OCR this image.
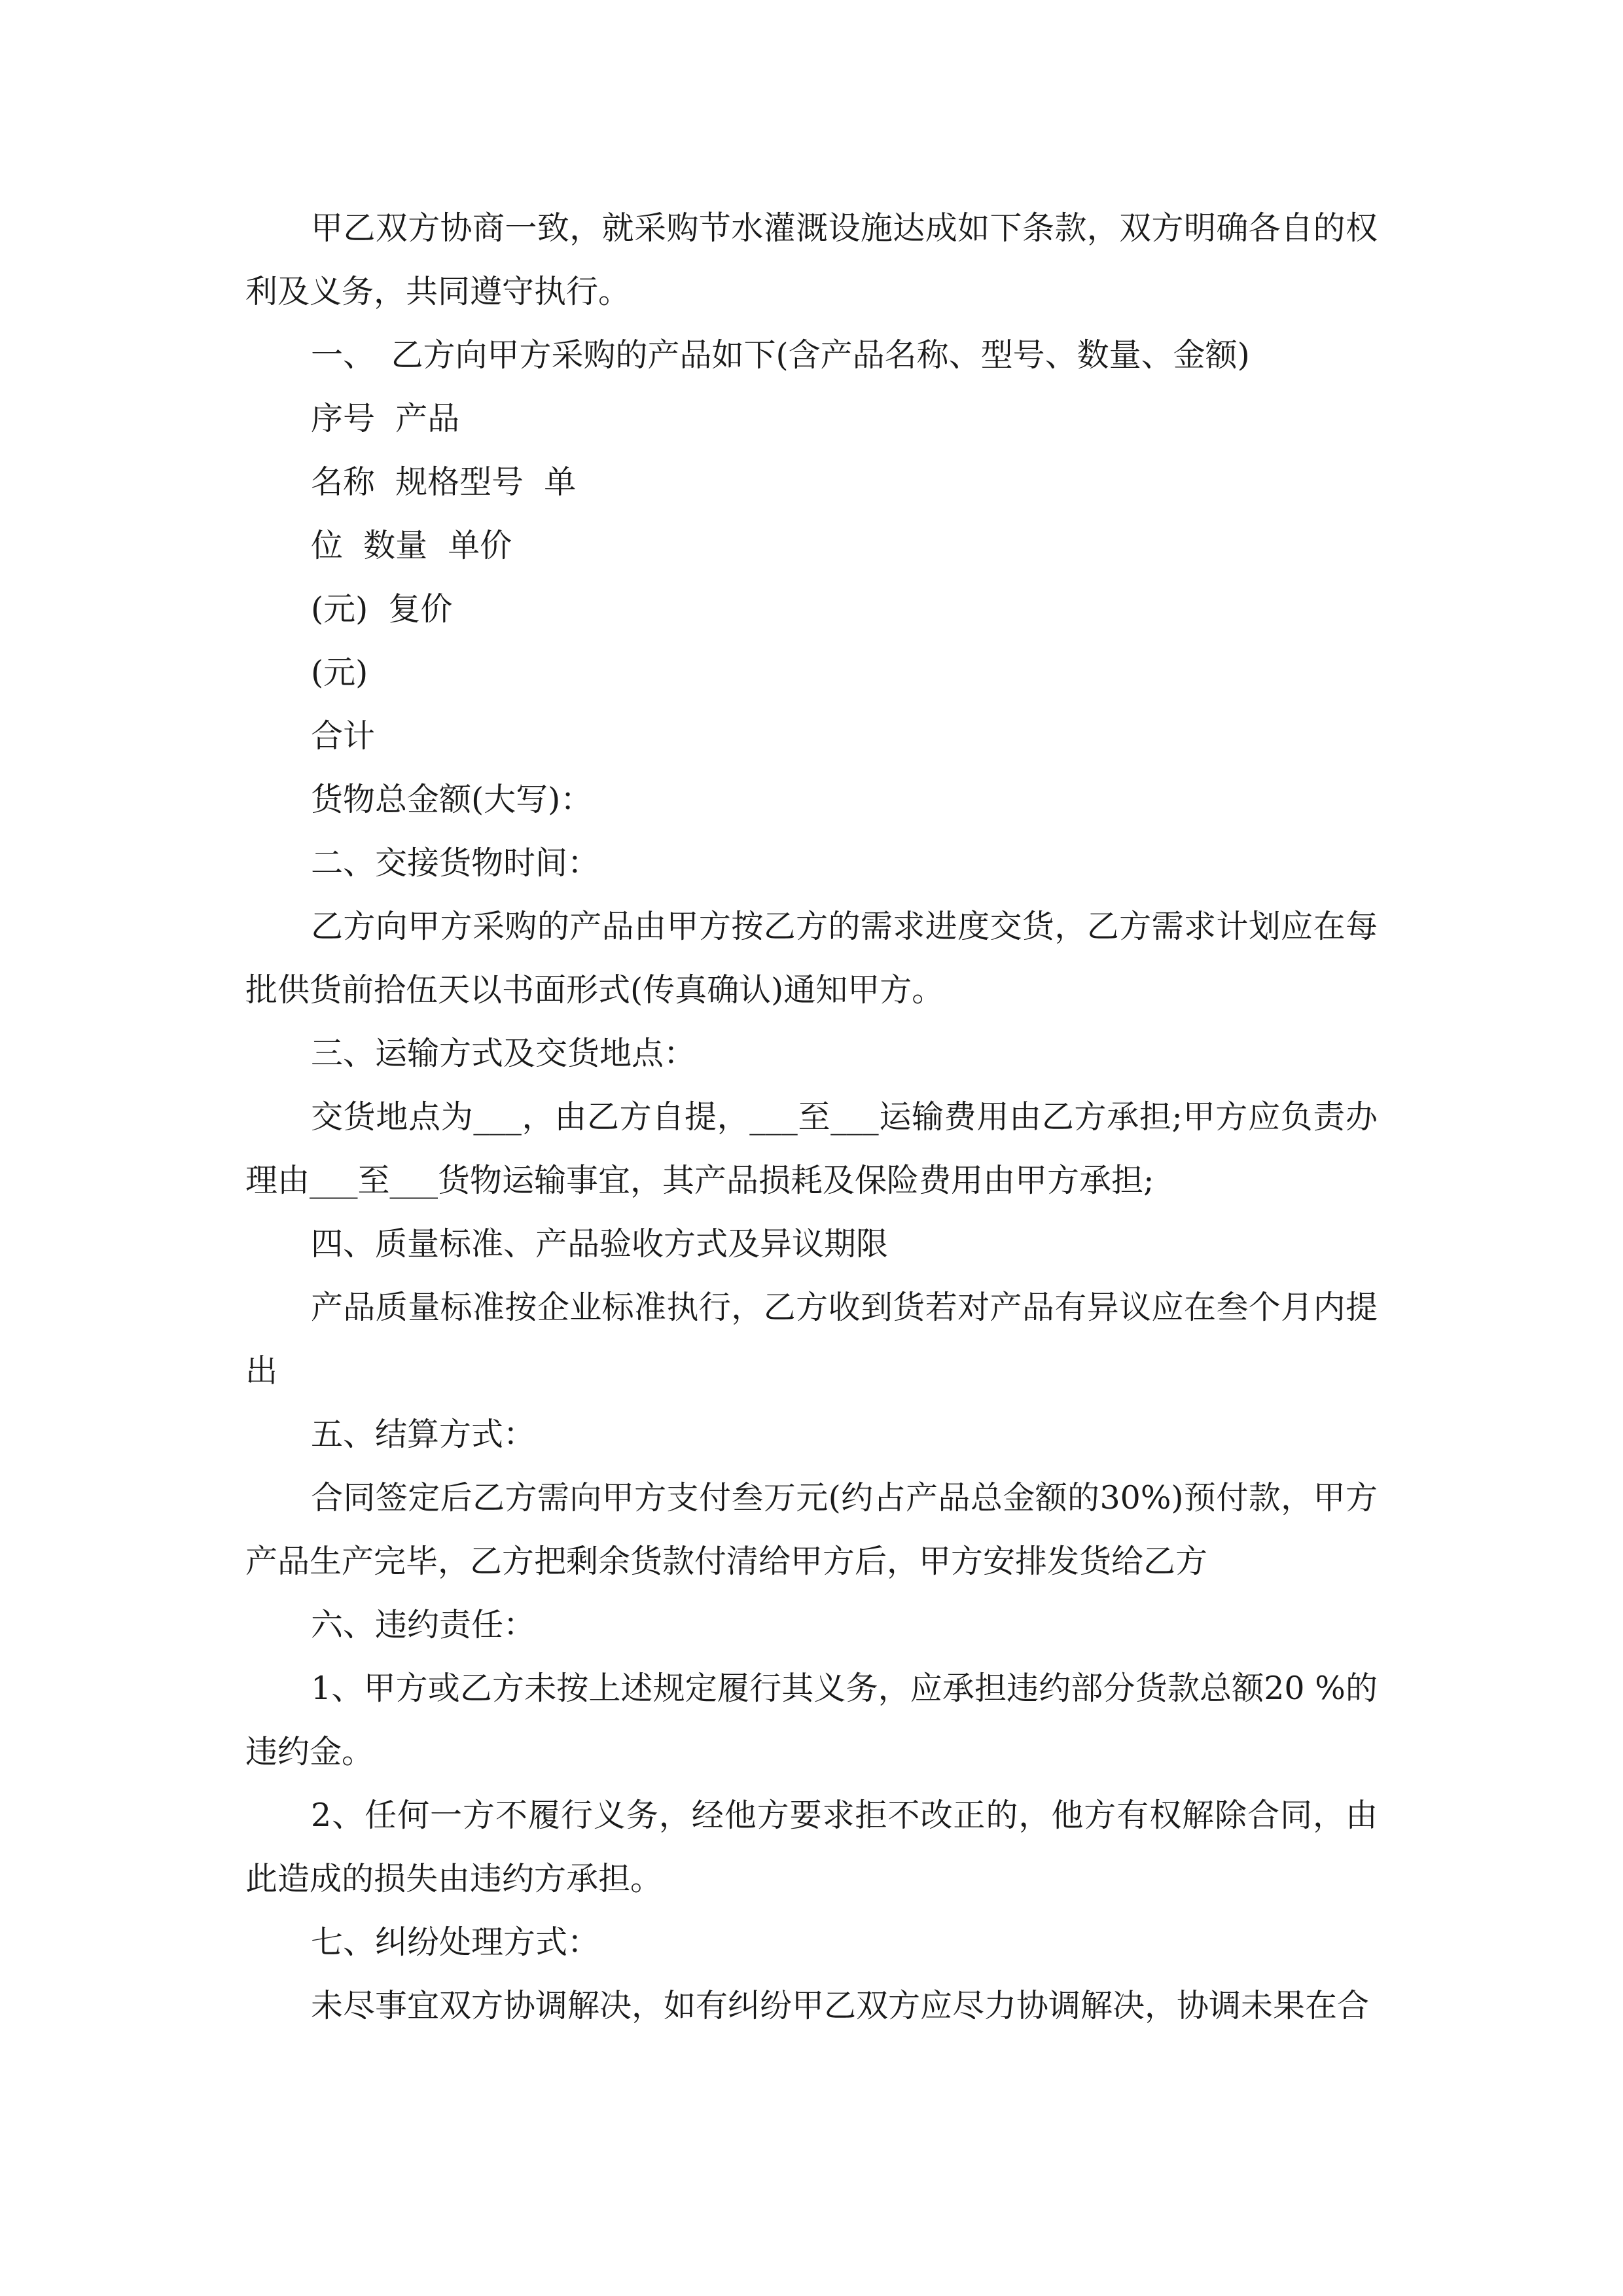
甲乙双方协商一致，就采购节水灌溉设施达成如下条款，双方明确各自的权利及义务，共同遵守执行。

一、　乙方向甲方采购的产品如下(含产品名称、型号、数量、金额)

序号  产品

名称  规格型号  单

位  数量  单价

(元)  复价

(元)

合计

货物总金额(大写)：

二、交接货物时间：

乙方向甲方采购的产品由甲方按乙方的需求进度交货，乙方需求计划应在每批供货前拾伍天以书面形式(传真确认)通知甲方。

三、运输方式及交货地点：

交货地点为___，由乙方自提，___至___运输费用由乙方承担;甲方应负责办理由___至___货物运输事宜，其产品损耗及保险费用由甲方承担;

四、质量标准、产品验收方式及异议期限

产品质量标准按企业标准执行，乙方收到货若对产品有异议应在叁个月内提出

五、结算方式：

合同签定后乙方需向甲方支付叁万元(约占产品总金额的30%)预付款，甲方产品生产完毕，乙方把剩余货款付清给甲方后，甲方安排发货给乙方

六、违约责任：

1、甲方或乙方未按上述规定履行其义务，应承担违约部分货款总额20 %的违约金。

2、任何一方不履行义务，经他方要求拒不改正的，他方有权解除合同，由此造成的损失由违约方承担。

七、纠纷处理方式：

未尽事宜双方协调解决，如有纠纷甲乙双方应尽力协调解决，协调未果在合
